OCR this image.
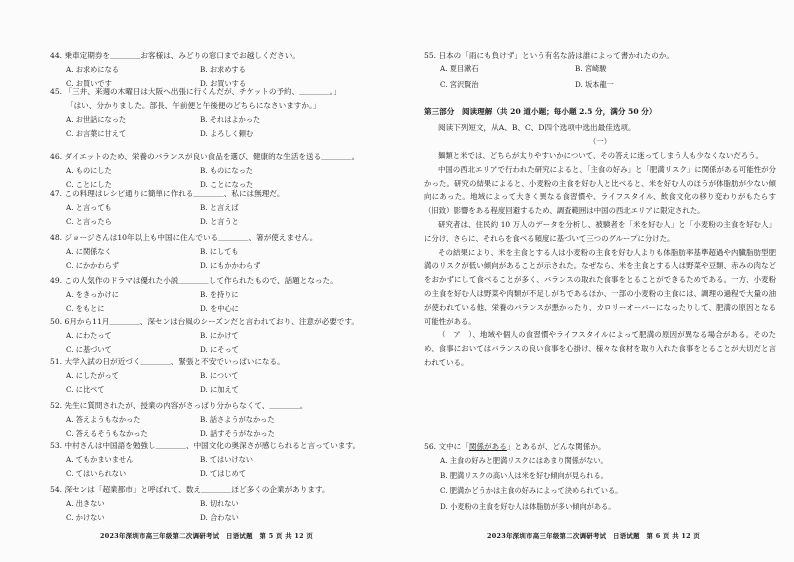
44. 乗車定期券を＿＿＿＿お客様は、みどりの窓口までお越しください。
A. お求めになる	B. お求めする
C. お買いです	D. お買いする
45. 「三井、来週の木曜日は大阪へ出張に行くんだが、チケットの予約、＿＿＿＿。」
「はい、分かりました。部長、午前便と午後便のどちらになさいますか。」
A. お世話になった	B. それはよかった
C. お言葉に甘えて	D. よろしく頼む
46. ダイエットのため、栄養のバランスが良い食品を選び、健康的な生活を送る＿＿＿＿。
A. ものにした	B. ものになった
C. ことにした	D. ことになった
47. この料理はレシピ通りに簡単に作れる＿＿＿＿、私には無理だ。
A. と言っても	B. と言えば
C. と言ったら	D. と言うと
48. ジョージさんは10年以上も中国に住んでいる＿＿＿＿、箸が使えません。
A. に関係なく	B. にしても
C. にかかわらず	D. にもかかわらず
49. この人気作のドラマは優れた小説＿＿＿＿して作られたもので、話題となった。
A. をきっかけに	B. を持りに
C. をもとに	D. を中心に
50. 6月から11月＿＿＿＿、深センは台風のシーズンだと言われており、注意が必要です。
A. にわたって	B. にかけて
C. に基づいて	D. にそって
51. 大学入試の日が近づく＿＿＿＿、緊張と不安でいっぱいになる。
A. にしたがって	B. について
C. に比べて	D. に加えて
52. 先生に質問されたが、授業の内容がさっぱり分からなくて、＿＿＿＿。
A. 答えようもなかった	B. 話さようがなかった
C. 答えるそうもなかった	D. 話すそうがなかった
53. 中村さんは中国語を勉強し＿＿＿＿、中国文化の奥深さが感じられると言っています。
A. てもかまいません	B. てはいけない
C. てはいられない	D. てはじめて
54. 深センは「超業都市」と呼ばれて、数え＿＿＿＿ほど多くの企業があります。
A. 出きない	B. 切れない
C. かけない	D. 合わない
2023年深圳市高三年级第二次调研考试　日语试题　第 5 页 共 12 页
55. 日本の「雨にも負けず」という有名な詩は誰によって書かれたのか。
A. 夏目漱石	B. 宮崎駿
C. 宮沢賢治	D. 坂本龍一
第三部分　阅读理解（共 20 道小题；每小题 2.5 分，满分 50 分）
阅读下列短文，从A、B、C、D四个选项中选出最佳选项。
（一）

麺類と米では、どちらが太りやすいかについて、その答えに迷ってしまう人も少なくないだろう。

中国の西北エリアで行われた研究によると、「主食の好み」と「肥満リスク」に関係がある可能性が分かった。研究の結果によると、小麦粉の主食を好む人と比べると、米を好む人のほうが体脂肪が少ない傾向にあった。地域によって大きく異なる食習慣や、ライフスタイル、飲食文化の移り変わりがもたらす（旧致）影響をある程度回避するため、調査範囲は中国の西北エリアに限定された。

研究者は、住民約 10 万人のデータを分析し、被験者を「米を好む人」と「小麦粉の主食を好む人」に分け、さらに、それらを食べる頻度に基づいて三つのグループに分けた。

その結果により、米を主食とする人は小麦粉の主食を好む人よりも体脂肪率基準超過や内臓脂肪型肥満のリスクが低い傾向があることが示された。なぜなら、米を主食とする人は野菜や豆類、赤みの肉などをおかずにして食べることが多く、バランスの取れた食事をとることができるためである。一方、小麦粉の主食を好む人は野菜や肉類が不足しがちであるほか、一部の小麦粉の主食には、調理の過程で大量の油が使われている他、栄養のバランスが悪かったり、カロリーオーバーになったりして、肥満の原因となる可能性がある。

（　ア　）、地域や個人の食習慣やライフスタイルによって肥満の原因が異なる場合がある。そのため、食事においてはバランスの良い食事を心掛け、様々な食材を取り入れた食事をとることが大切だと言われている。

56. 文中に「関係がある」とあるが、どんな関係か。
A. 主食の好みと肥満リスクにはあまり関係がない。
B. 肥満リスクの高い人は米を好む傾向が見られる。
C. 肥満かどうかは主食の好みによって決められている。
D. 小麦粉の主食を好む人は体脂肪が多い傾向がある。
2023年深圳市高三年级第二次调研考试　日语试题　第 6 页 共 12 页
